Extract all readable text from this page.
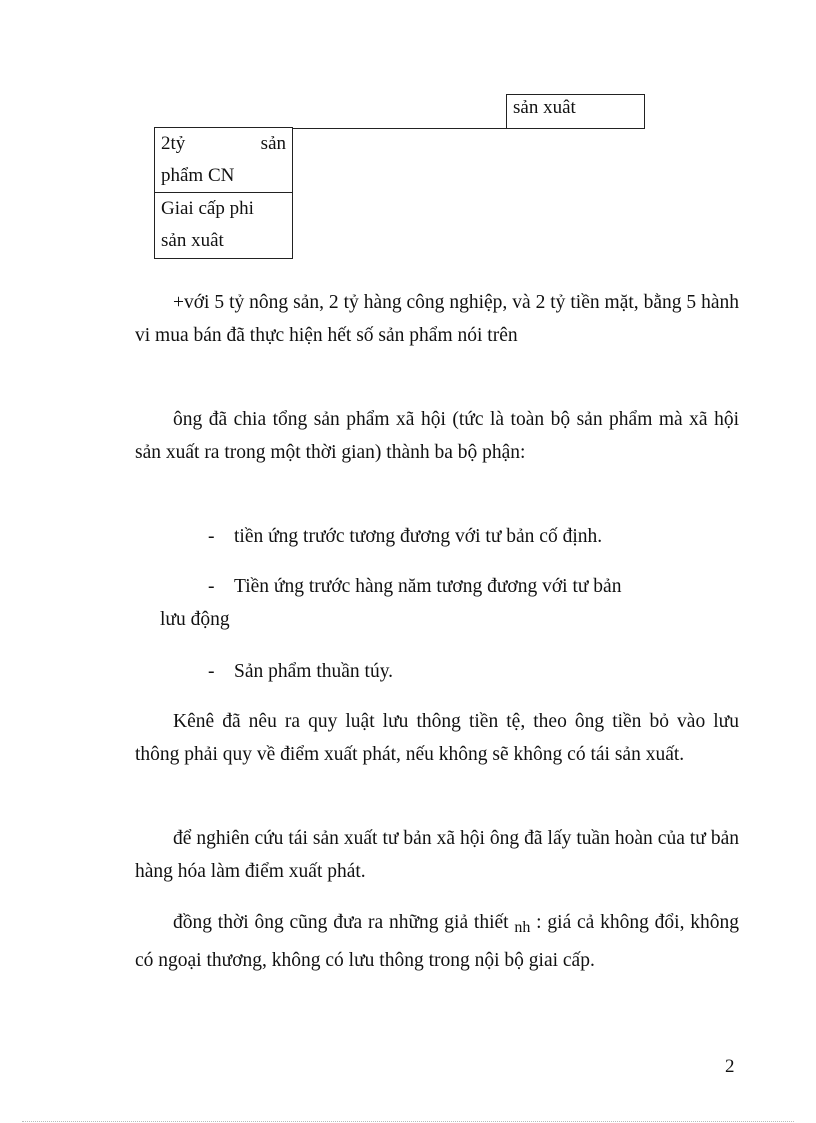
sản xuât
2tỷ	sản
phẩm CN
Giai cấp phi
sản xuât

+với 5 tỷ nông sản, 2 tỷ hàng công nghiệp, và 2 tỷ tiền mặt, bằng 5 hành vi mua bán đã thực hiện hết số sản phẩm nói trên

ông đã chia tổng sản phẩm xã hội (tức là toàn bộ sản phẩm mà xã hội sản xuất ra trong một thời gian) thành ba bộ phận:

- tiền ứng trước tương đương với tư bản cố định.
- Tiền ứng trước hàng năm tương đương với tư bản
lưu động
- Sản phẩm thuần túy.

Kênê đã nêu ra quy luật lưu thông tiền tệ, theo ông tiền bỏ vào lưu thông phải quy về điểm xuất phát, nếu không sẽ không có tái sản xuất.

để nghiên cứu tái sản xuất tư bản xã hội ông đã lấy tuần hoàn của tư bản hàng hóa làm điểm xuất phát.

đồng thời ông cũng đưa ra những giả thiết $_{nh}$ : giá cả không đổi, không có ngoại thương, không có lưu thông trong nội bộ giai cấp.

2
